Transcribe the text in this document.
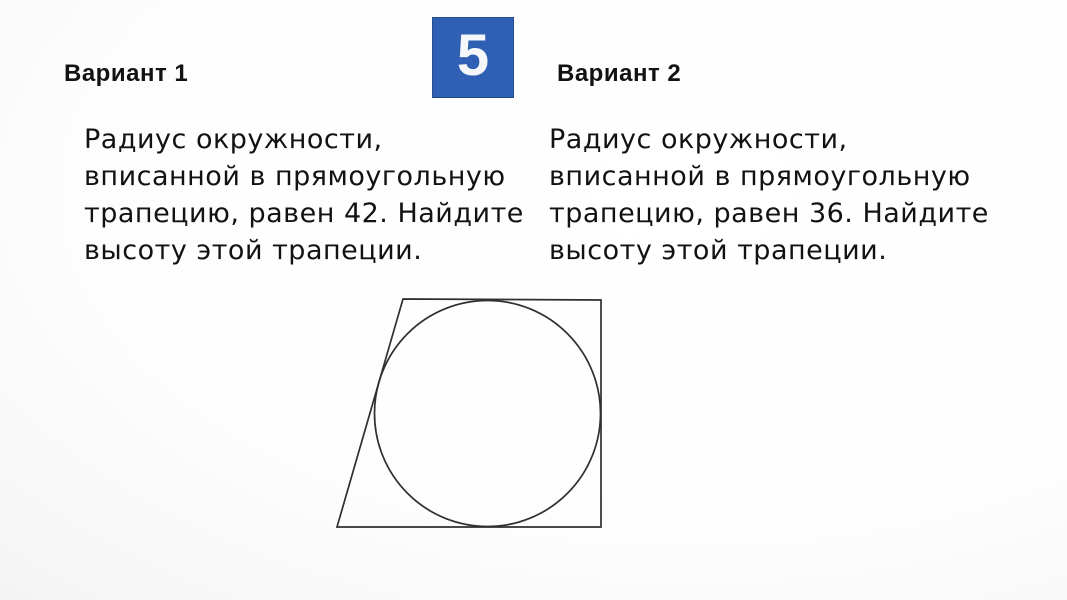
5
Вариант 1	Вариант 2
Радиус окружности,
вписанной в прямоугольную
трапецию, равен 42. Найдите
высоту этой трапеции.
Радиус окружности,
вписанной в прямоугольную
трапецию, равен 36. Найдите
высоту этой трапеции.
